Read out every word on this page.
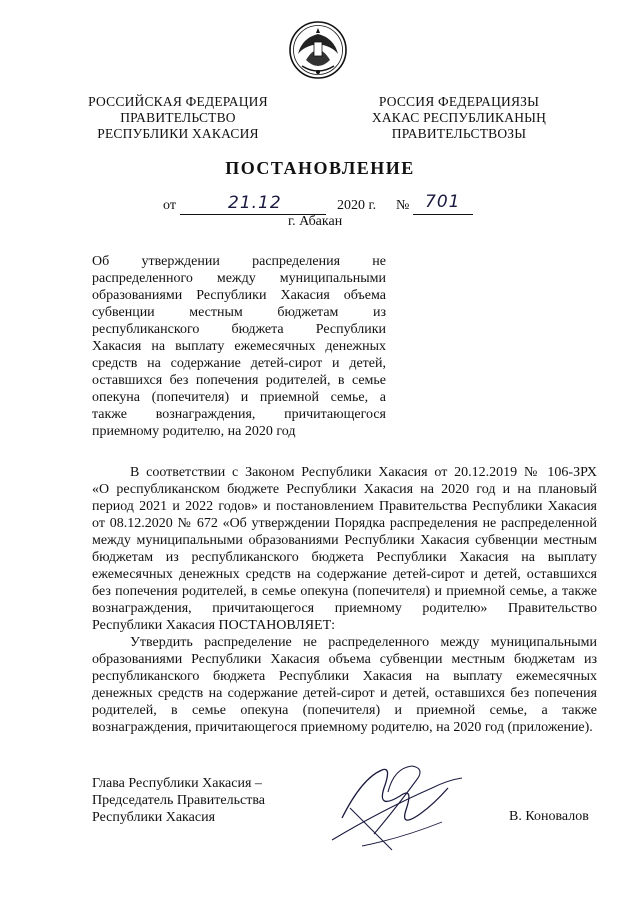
РОССИЙСКАЯ ФЕДЕРАЦИЯ
ПРАВИТЕЛЬСТВО
РЕСПУБЛИКИ ХАКАСИЯ
РОССИЯ ФЕДЕРАЦИЯЗЫ
ХАКАС РЕСПУБЛИКАНЫҢ
ПРАВИТЕЛЬСТВОЗЫ
ПОСТАНОВЛЕНИЕ
от	21.12	2020 г. № 701
г. Абакан
Об утверждении распределения не
распределенного между муниципальными
образованиями Республики Хакасия объема
субвенции местным бюджетам из
республиканского бюджета Республики
Хакасия на выплату ежемесячных денежных
средств на содержание детей-сирот и детей,
оставшихся без попечения родителей, в семье
опекуна (попечителя) и приемной семье, а
также вознаграждения, причитающегося
приемному родителю, на 2020 год
В соответствии с Законом Республики Хакасия от 20.12.2019 № 106-ЗРХ
«О республиканском бюджете Республики Хакасия на 2020 год и на плановый
период 2021 и 2022 годов» и постановлением Правительства Республики Хакасия
от 08.12.2020 № 672 «Об утверждении Порядка распределения не распределенной
между муниципальными образованиями Республики Хакасия субвенции местным
бюджетам из республиканского бюджета Республики Хакасия на выплату
ежемесячных денежных средств на содержание детей-сирот и детей, оставшихся
без попечения родителей, в семье опекуна (попечителя) и приемной семье, а также
вознаграждения, причитающегося приемному родителю» Правительство
Республики Хакасия ПОСТАНОВЛЯЕТ:
Утвердить распределение не распределенного между муниципальными
образованиями Республики Хакасия объема субвенции местным бюджетам из
республиканского бюджета Республики Хакасия на выплату ежемесячных
денежных средств на содержание детей-сирот и детей, оставшихся без попечения
родителей, в семье опекуна (попечителя) и приемной семье, а также
вознаграждения, причитающегося приемному родителю, на 2020 год (приложение).
Глава Республики Хакасия –
Председатель Правительства
Республики Хакасия	В. Коновалов
